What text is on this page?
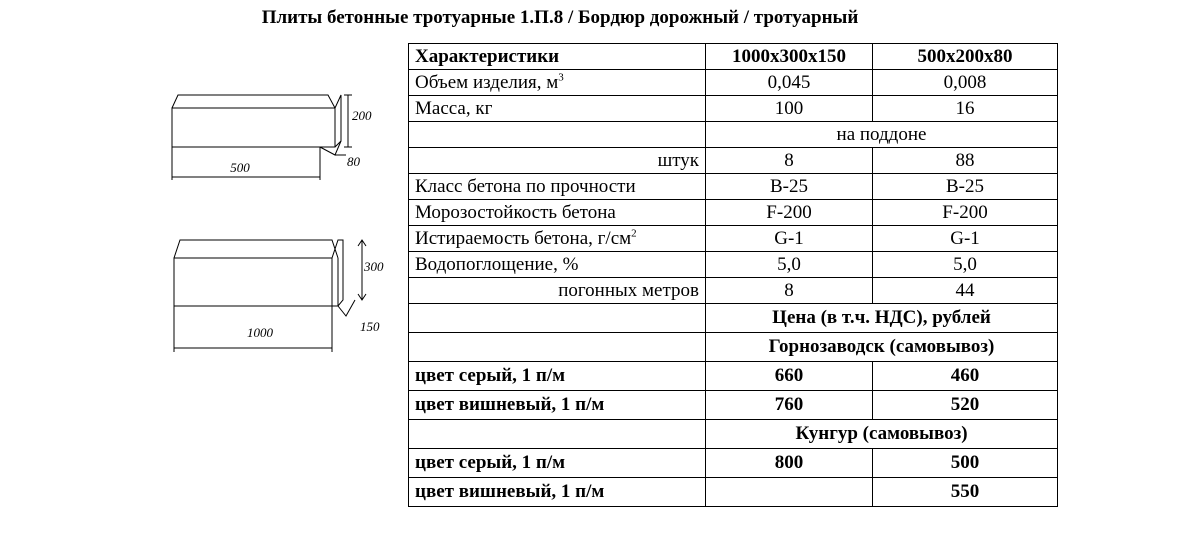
Плиты бетонные тротуарные 1.П.8 / Бордюр дорожный / тротуарный
500
200
80
1000
300
150
Характеристики	1000х300х150	500х200х80
Объем изделия, $м^3$	0,045	0,008
Масса, кг	100	16
	на поддоне	
штук	8	88
Класс бетона по прочности	В-25	В-25
Морозостойкость бетона	F-200	F-200
Истираемость бетона, $г/см^2$	G-1	G-1
Водопоглощение, %	5,0	5,0
погонных метров	8	44
	Цена (в т.ч. НДС), рублей	
	Горнозаводск (самовывоз)	
цвет серый, 1 п/м	660	460
цвет вишневый, 1 п/м	760	520
	Кунгур (самовывоз)	
цвет серый, 1 п/м	800	500
цвет вишневый, 1 п/м		550
